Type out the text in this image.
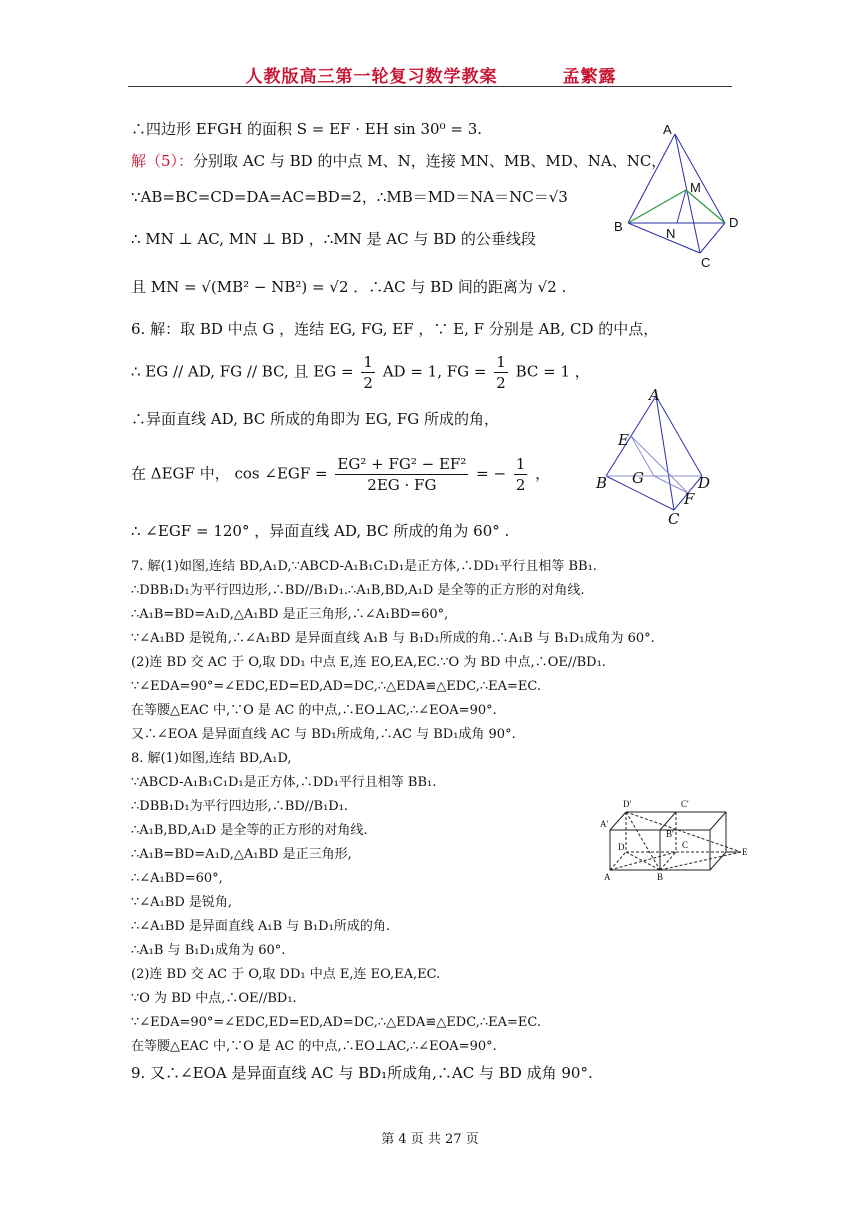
人教版高三第一轮复习数学教案	孟繁露
∴四边形 EFGH 的面积 S = EF · EH sin 30⁰ = 3.
解（5）：分别取 AC 与 BD 的中点 M、N，连接 MN、MB、MD、NA、NC，
∵AB=BC=CD=DA=AC=BD=2，∴MB＝MD＝NA＝NC＝√3
∴ MN ⊥ AC, MN ⊥ BD ，∴MN 是 AC 与 BD 的公垂线段
且 MN = √(MB² − NB²) = √2 ．∴AC 与 BD 间的距离为 √2 .
6. 解：取 BD 中点 G ，连结 EG, FG, EF ，∵ E, F 分别是 AB, CD 的中点，
∴ EG // AD, FG // BC, 且 EG = $\frac{1}{2}$ AD = 1, FG = $\frac{1}{2}$ BC = 1 ，
∴异面直线 AD, BC 所成的角即为 EG, FG 所成的角，
在 ΔEGF 中， cos ∠EGF = $\frac{\text{EG² + FG² − EF²}}{2EG \cdot FG}$ = − $\frac{1}{2}$ ，
∴ ∠EGF = 120° ，异面直线 AD, BC 所成的角为 60° .
7. 解(1)如图,连结 BD,A₁D,∵ABCD-A₁B₁C₁D₁是正方体,∴DD₁平行且相等 BB₁.
∴DBB₁D₁为平行四边形,∴BD//B₁D₁.∴A₁B,BD,A₁D 是全等的正方形的对角线.
∴A₁B=BD=A₁D,△A₁BD 是正三角形,∴∠A₁BD=60°,
∵∠A₁BD 是锐角,∴∠A₁BD 是异面直线 A₁B 与 B₁D₁所成的角.∴A₁B 与 B₁D₁成角为 60°.
(2)连 BD 交 AC 于 O,取 DD₁ 中点 E,连 EO,EA,EC.∵O 为 BD 中点,∴OE//BD₁.
∵∠EDA=90°=∠EDC,ED=ED,AD=DC,∴△EDA≌△EDC,∴EA=EC.
在等腰△EAC 中,∵O 是 AC 的中点,∴EO⊥AC,∴∠EOA=90°.
又∴∠EOA 是异面直线 AC 与 BD₁所成角,∴AC 与 BD₁成角 90°.
8. 解(1)如图,连结 BD,A₁D,
∵ABCD-A₁B₁C₁D₁是正方体,∴DD₁平行且相等 BB₁.
∴DBB₁D₁为平行四边形,∴BD//B₁D₁.
∴A₁B,BD,A₁D 是全等的正方形的对角线.
∴A₁B=BD=A₁D,△A₁BD 是正三角形,
∴∠A₁BD=60°,
∵∠A₁BD 是锐角,
∴∠A₁BD 是异面直线 A₁B 与 B₁D₁所成的角.
∴A₁B 与 B₁D₁成角为 60°.
(2)连 BD 交 AC 于 O,取 DD₁ 中点 E,连 EO,EA,EC.
∵O 为 BD 中点,∴OE//BD₁.
∵∠EDA=90°=∠EDC,ED=ED,AD=DC,∴△EDA≌△EDC,∴EA=EC.
在等腰△EAC 中,∵O 是 AC 的中点,∴EO⊥AC,∴∠EOA=90°.
9. 又∴∠EOA 是异面直线 AC 与 BD₁所成角,∴AC 与 BD 成角 90°.
A
M
B	D
N
C
A
E
G
B	D
F
C
D'	C'
A'
B'
D	C
A	B
E
第 4 页 共 27 页
